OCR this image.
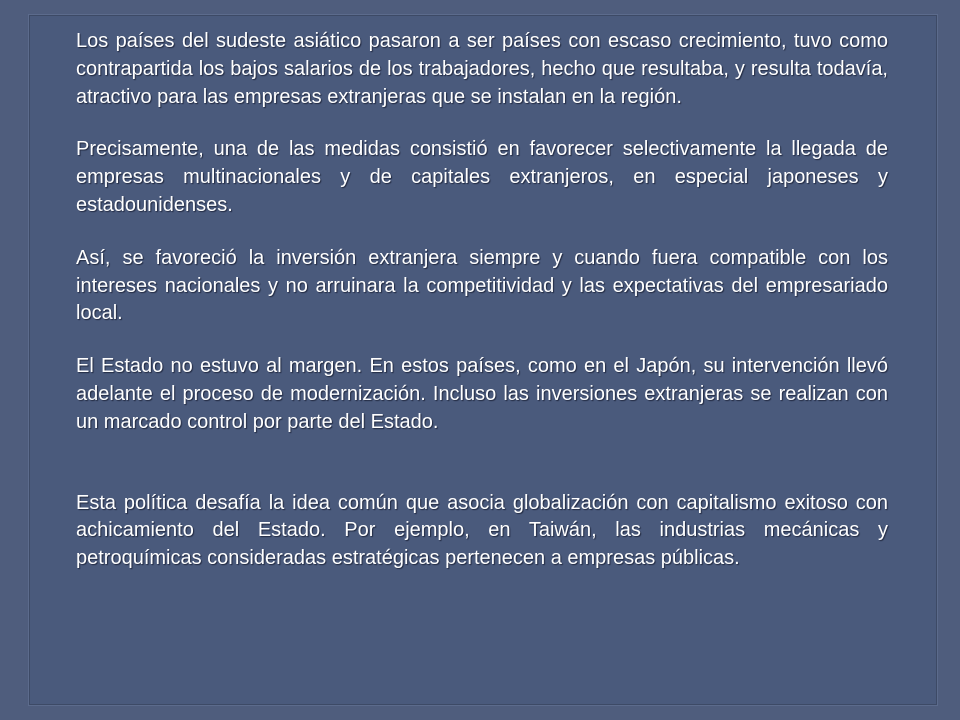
Los países del sudeste asiático pasaron a ser países con escaso crecimiento, tuvo como contrapartida los bajos salarios de los trabajadores, hecho que resultaba, y resulta todavía, atractivo para las empresas extranjeras que se instalan en la región.

Precisamente, una de las medidas consistió en favorecer selectivamente la llegada de empresas multinacionales y de capitales extranjeros, en especial japoneses y estadounidenses.

Así, se favoreció la inversión extranjera siempre y cuando fuera compatible con los intereses nacionales y no arruinara la competitividad y las expectativas del empresariado local.

El Estado no estuvo al margen. En estos países, como en el Japón, su intervención llevó adelante el proceso de modernización. Incluso las inversiones extranjeras se realizan con un marcado control por parte del Estado.

Esta política desafía la idea común que asocia globalización con capitalismo exitoso con achicamiento del Estado. Por ejemplo, en Taiwán, las industrias mecánicas y petroquímicas consideradas estratégicas pertenecen a empresas públicas.
